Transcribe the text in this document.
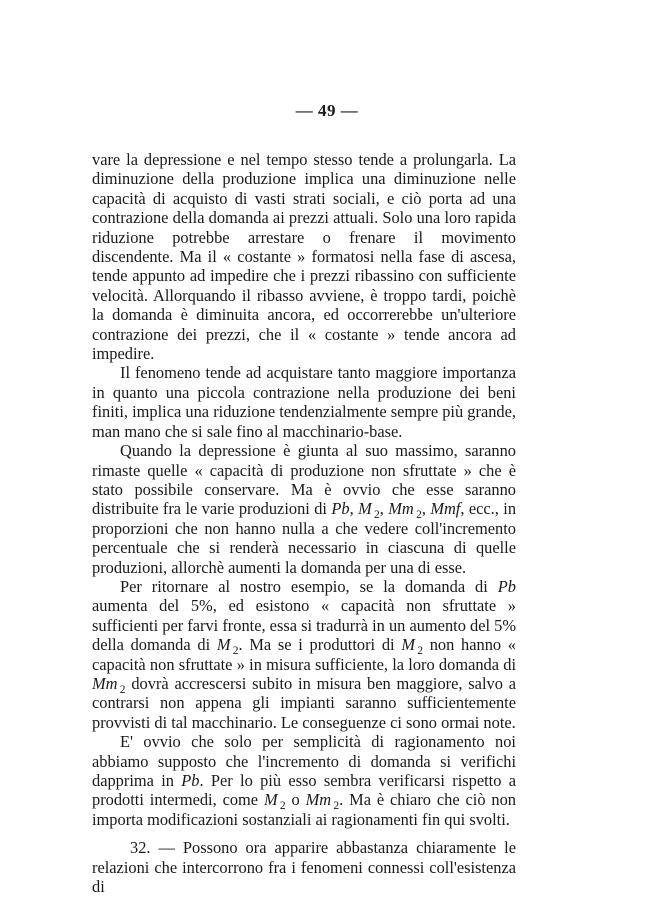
— 49 —

vare la depressione e nel tempo stesso tende a prolungarla. La diminuzione della produzione implica una diminuzione nelle capacità di acquisto di vasti strati sociali, e ciò porta ad una contrazione della domanda ai prezzi attuali. Solo una loro rapida riduzione potrebbe arrestare o frenare il movimento discendente. Ma il « costante » formatosi nella fase di ascesa, tende appunto ad impedire che i prezzi ribassino con sufficiente velocità. Allorquando il ribasso avviene, è troppo tardi, poichè la domanda è diminuita ancora, ed occorrerebbe un'ulteriore contrazione dei prezzi, che il « costante » tende ancora ad impedire.

Il fenomeno tende ad acquistare tanto maggiore importanza in quanto una piccola contrazione nella produzione dei beni finiti, implica una riduzione tendenzialmente sempre più grande, man mano che si sale fino al macchinario-base.

Quando la depressione è giunta al suo massimo, saranno rimaste quelle « capacità di produzione non sfruttate » che è stato possibile conservare. Ma è ovvio che esse saranno distribuite fra le varie produzioni di Pb, M $_2$, Mm $_2$, Mmf, ecc., in proporzioni che non hanno nulla a che vedere coll'incremento percentuale che si renderà necessario in ciascuna di quelle produzioni, allorchè aumenti la domanda per una di esse.

Per ritornare al nostro esempio, se la domanda di Pb aumenta del 5%, ed esistono « capacità non sfruttate » sufficienti per farvi fronte, essa si tradurrà in un aumento del 5% della domanda di M $_2$. Ma se i produttori di M $_2$ non hanno « capacità non sfruttate » in misura sufficiente, la loro domanda di Mm $_2$ dovrà accrescersi subito in misura ben maggiore, salvo a contrarsi non appena gli impianti saranno sufficientemente provvisti di tal macchinario. Le conseguenze ci sono ormai note.

E' ovvio che solo per semplicità di ragionamento noi abbiamo supposto che l'incremento di domanda si verifichi dapprima in Pb. Per lo più esso sembra verificarsi rispetto a prodotti intermedi, come M $_2$ o Mm $_2$. Ma è chiaro che ciò non importa modificazioni sostanziali ai ragionamenti fin qui svolti.

32. — Possono ora apparire abbastanza chiaramente le relazioni che intercorrono fra i fenomeni connessi coll'esistenza di
